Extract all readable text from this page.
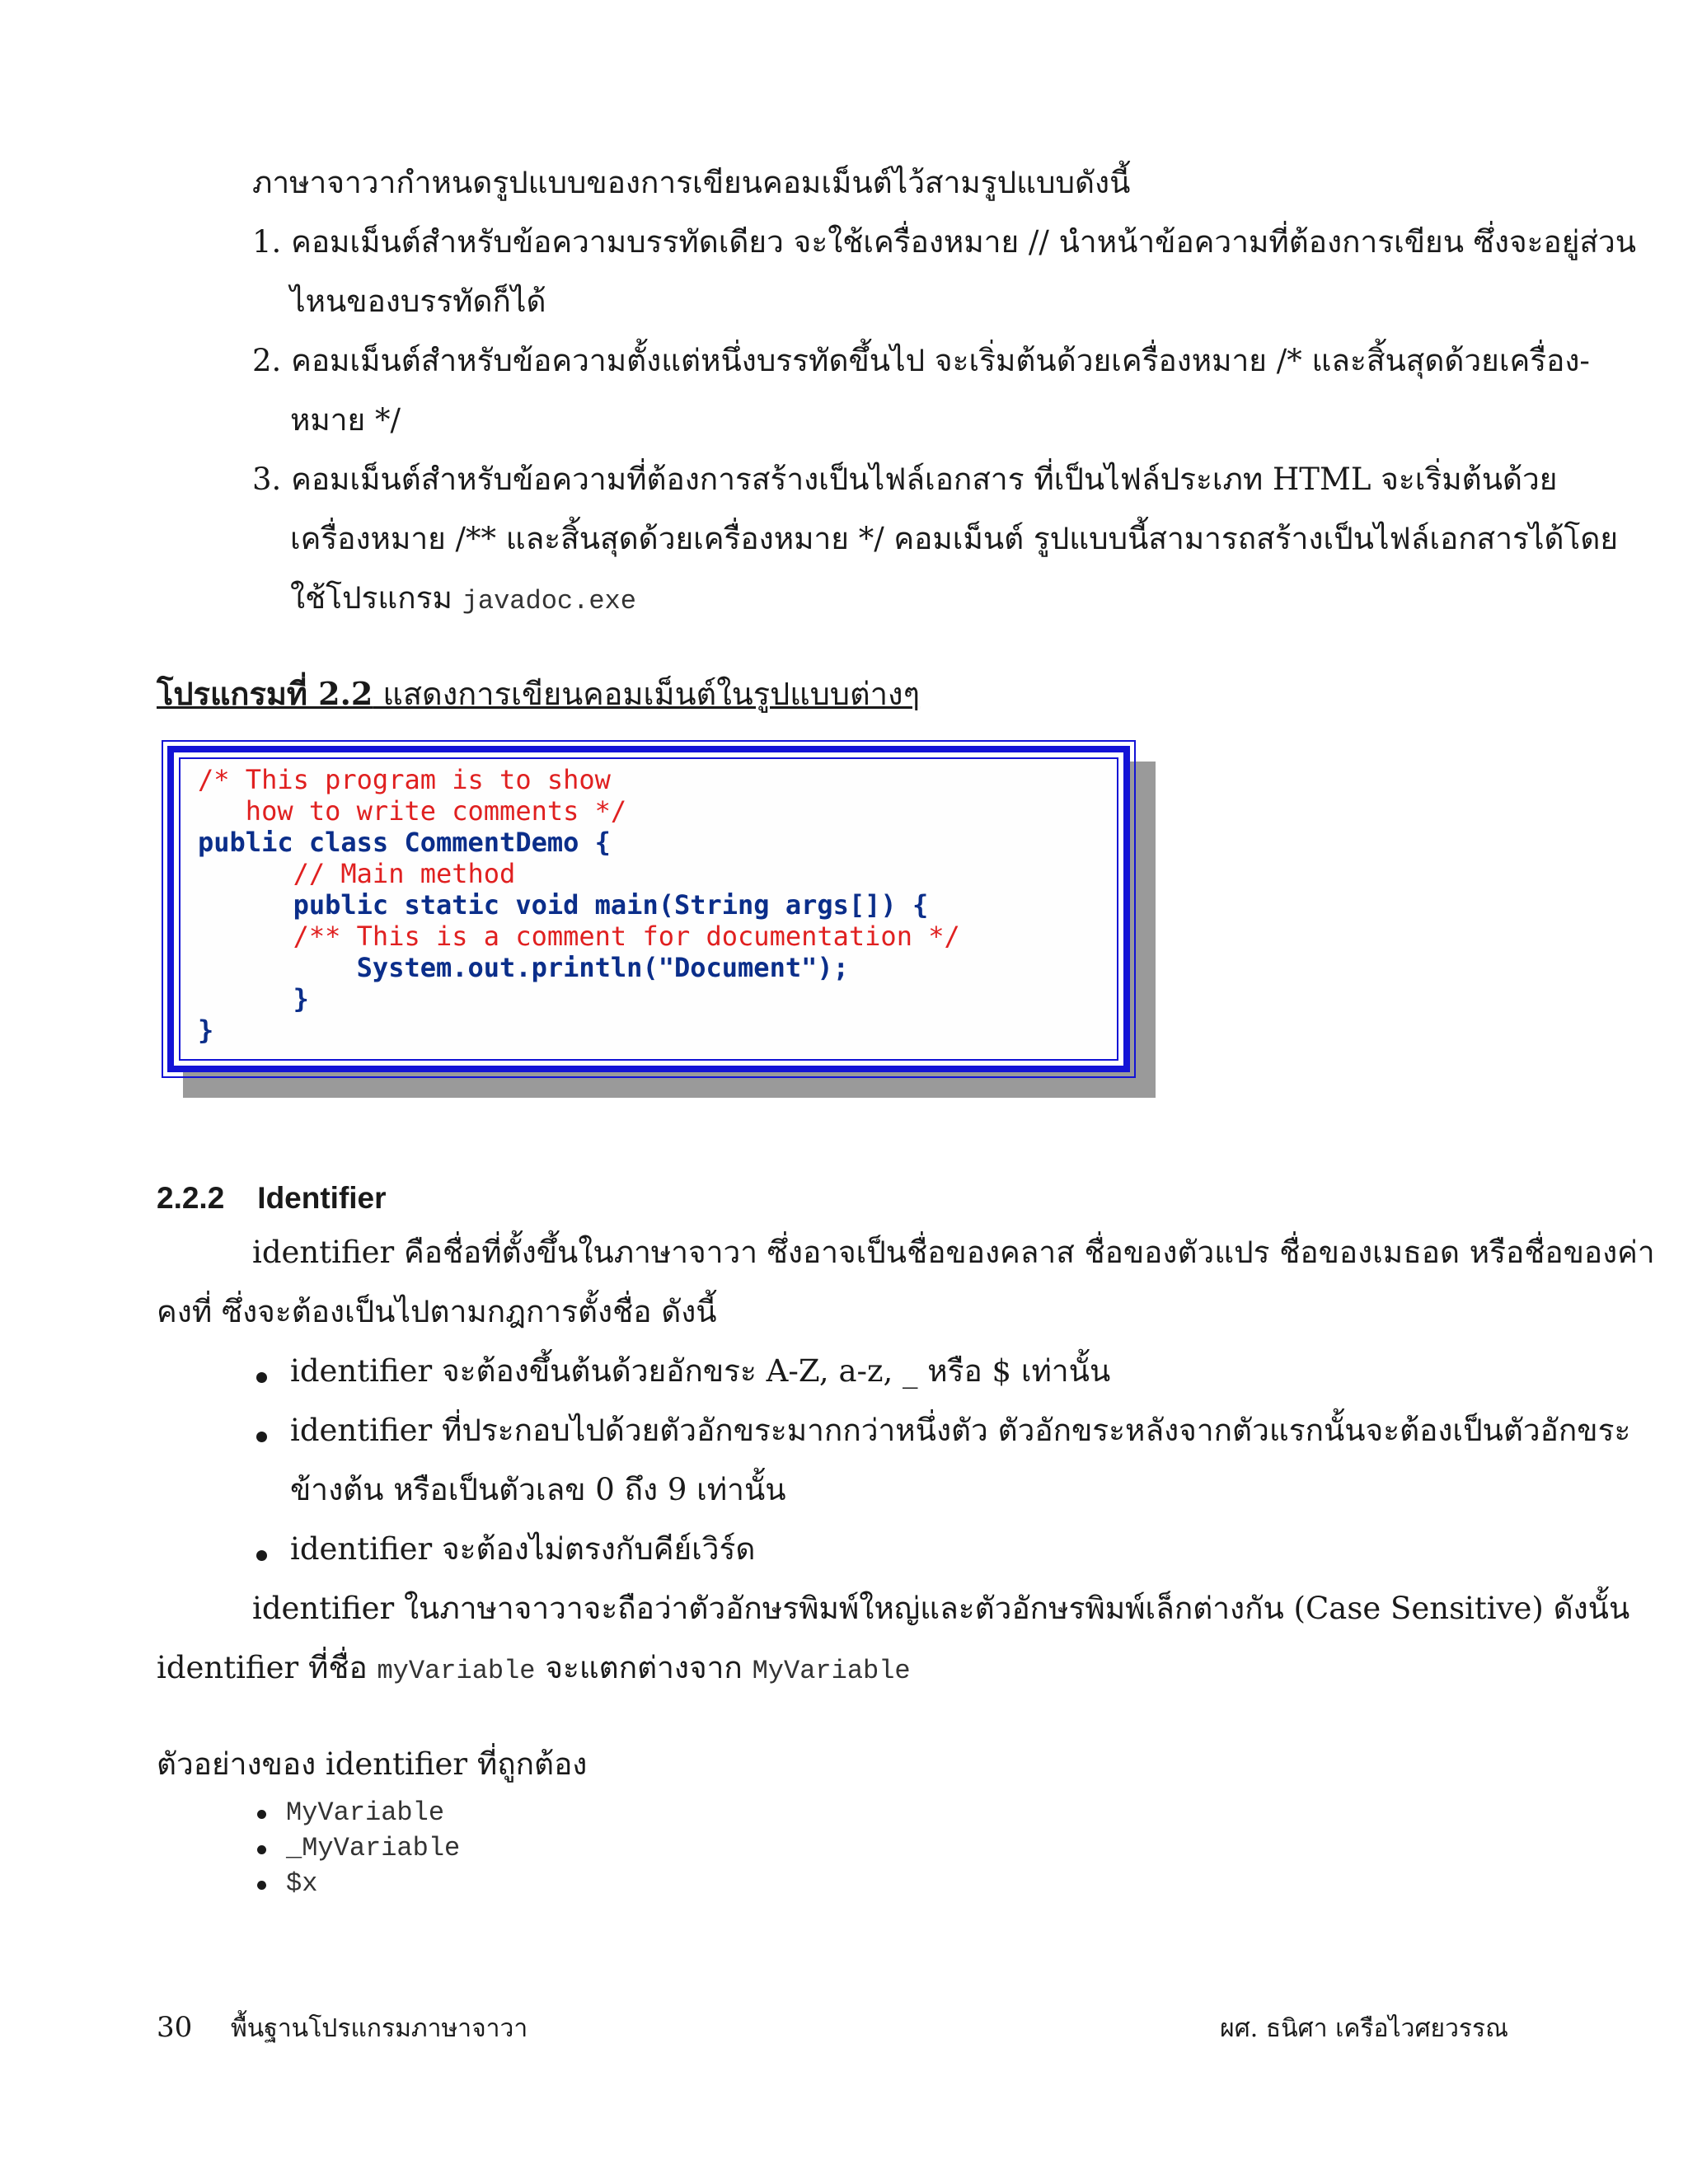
ภาษาจาวากำหนดรูปแบบของการเขียนคอมเม็นต์ไว้สามรูปแบบดังนี้
1. คอมเม็นต์สำหรับข้อความบรรทัดเดียว จะใช้เครื่องหมาย // นำหน้าข้อความที่ต้องการเขียน ซึ่งจะอยู่ส่วน
ไหนของบรรทัดก็ได้
2. คอมเม็นต์สำหรับข้อความตั้งแต่หนึ่งบรรทัดขึ้นไป จะเริ่มต้นด้วยเครื่องหมาย /* และสิ้นสุดด้วยเครื่อง-
หมาย */
3. คอมเม็นต์สำหรับข้อความที่ต้องการสร้างเป็นไฟล์เอกสาร ที่เป็นไฟล์ประเภท HTML จะเริ่มต้นด้วย
เครื่องหมาย /** และสิ้นสุดด้วยเครื่องหมาย */ คอมเม็นต์ รูปแบบนี้สามารถสร้างเป็นไฟล์เอกสารได้โดย
ใช้โปรแกรม javadoc.exe
โปรแกรมที่ 2.2 แสดงการเขียนคอมเม็นต์ในรูปแบบต่างๆ
/* This program is to show
how to write comments */
public class CommentDemo {
// Main method
public static void main(String args[]) {
/** This is a comment for documentation */
System.out.println("Document");
}
}
2.2.2 Identifier
identifier คือชื่อที่ตั้งขึ้นในภาษาจาวา ซึ่งอาจเป็นชื่อของคลาส ชื่อของตัวแปร ชื่อของเมธอด หรือชื่อของค่า
คงที่ ซึ่งจะต้องเป็นไปตามกฎการตั้งชื่อ ดังนี้
identifier จะต้องขึ้นต้นด้วยอักขระ A-Z, a-z, _ หรือ $ เท่านั้น
identifier ที่ประกอบไปด้วยตัวอักขระมากกว่าหนึ่งตัว ตัวอักขระหลังจากตัวแรกนั้นจะต้องเป็นตัวอักขระ
ข้างต้น หรือเป็นตัวเลข 0 ถึง 9 เท่านั้น
identifier จะต้องไม่ตรงกับคีย์เวิร์ด
identifier ในภาษาจาวาจะถือว่าตัวอักษรพิมพ์ใหญ่และตัวอักษรพิมพ์เล็กต่างกัน (Case Sensitive) ดังนั้น
identifier ที่ชื่อ myVariable จะแตกต่างจาก MyVariable
ตัวอย่างของ identifier ที่ถูกต้อง
MyVariable
_MyVariable
$x
30 พื้นฐานโปรแกรมภาษาจาวา	ผศ. ธนิศา เครือไวศยวรรณ
